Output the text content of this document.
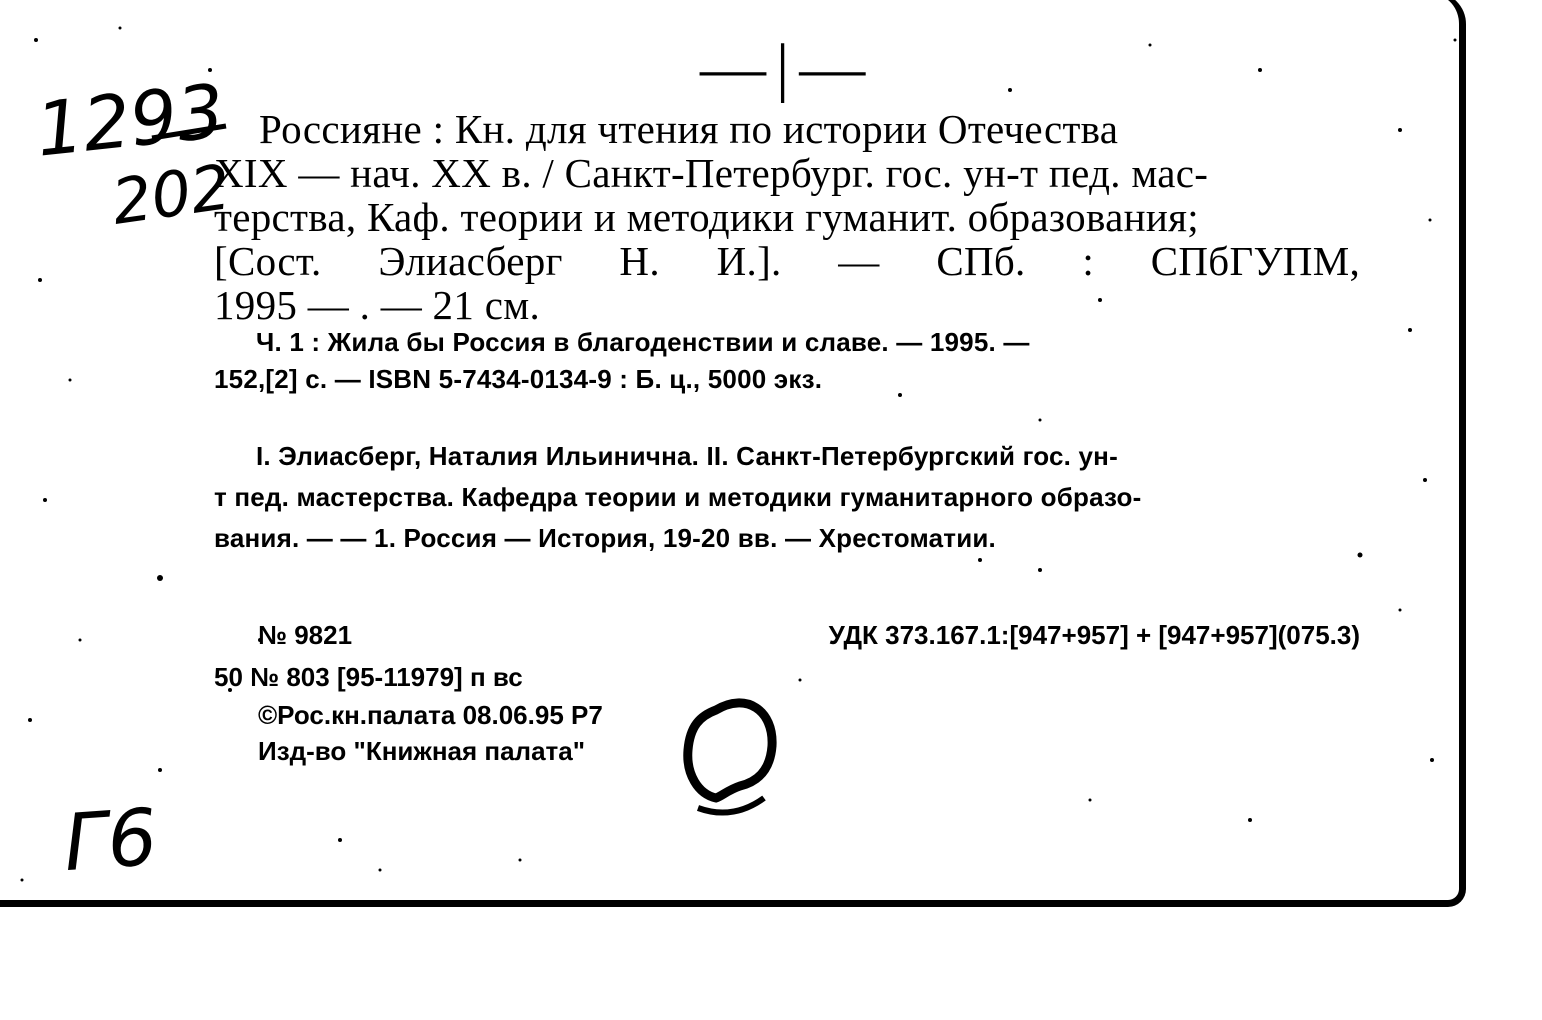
1293
202
Г6
—|—

Россияне : Кн. для чтения по истории Отечества

XIX — нач. XX в. / Санкт-Петербург. гос. ун-т пед. мас-

терства, Каф. теории и методики гуманит. образования;

[Сост. Элиасберг Н. И.]. — СПб. : СПбГУПМ,

1995 — . — 21 см.

Ч. 1 : Жила бы Россия в благоденствии и славе. — 1995. —

152,[2] с. — ISBN 5-7434-0134-9 : Б. ц., 5000 экз.

I. Элиасберг, Наталия Ильинична. II. Санкт-Петербургский гос. ун-

т пед. мастерства. Кафедра теории и методики гуманитарного образо-

вания. — — 1. Россия — История, 19-20 вв. — Хрестоматии.

№ 9821	УДК 373.167.1:[947+957] + [947+957](075.3)
50 № 803 [95-11979] п вс
©Рос.кн.палата 08.06.95 Р7
Изд-во "Книжная палата"
